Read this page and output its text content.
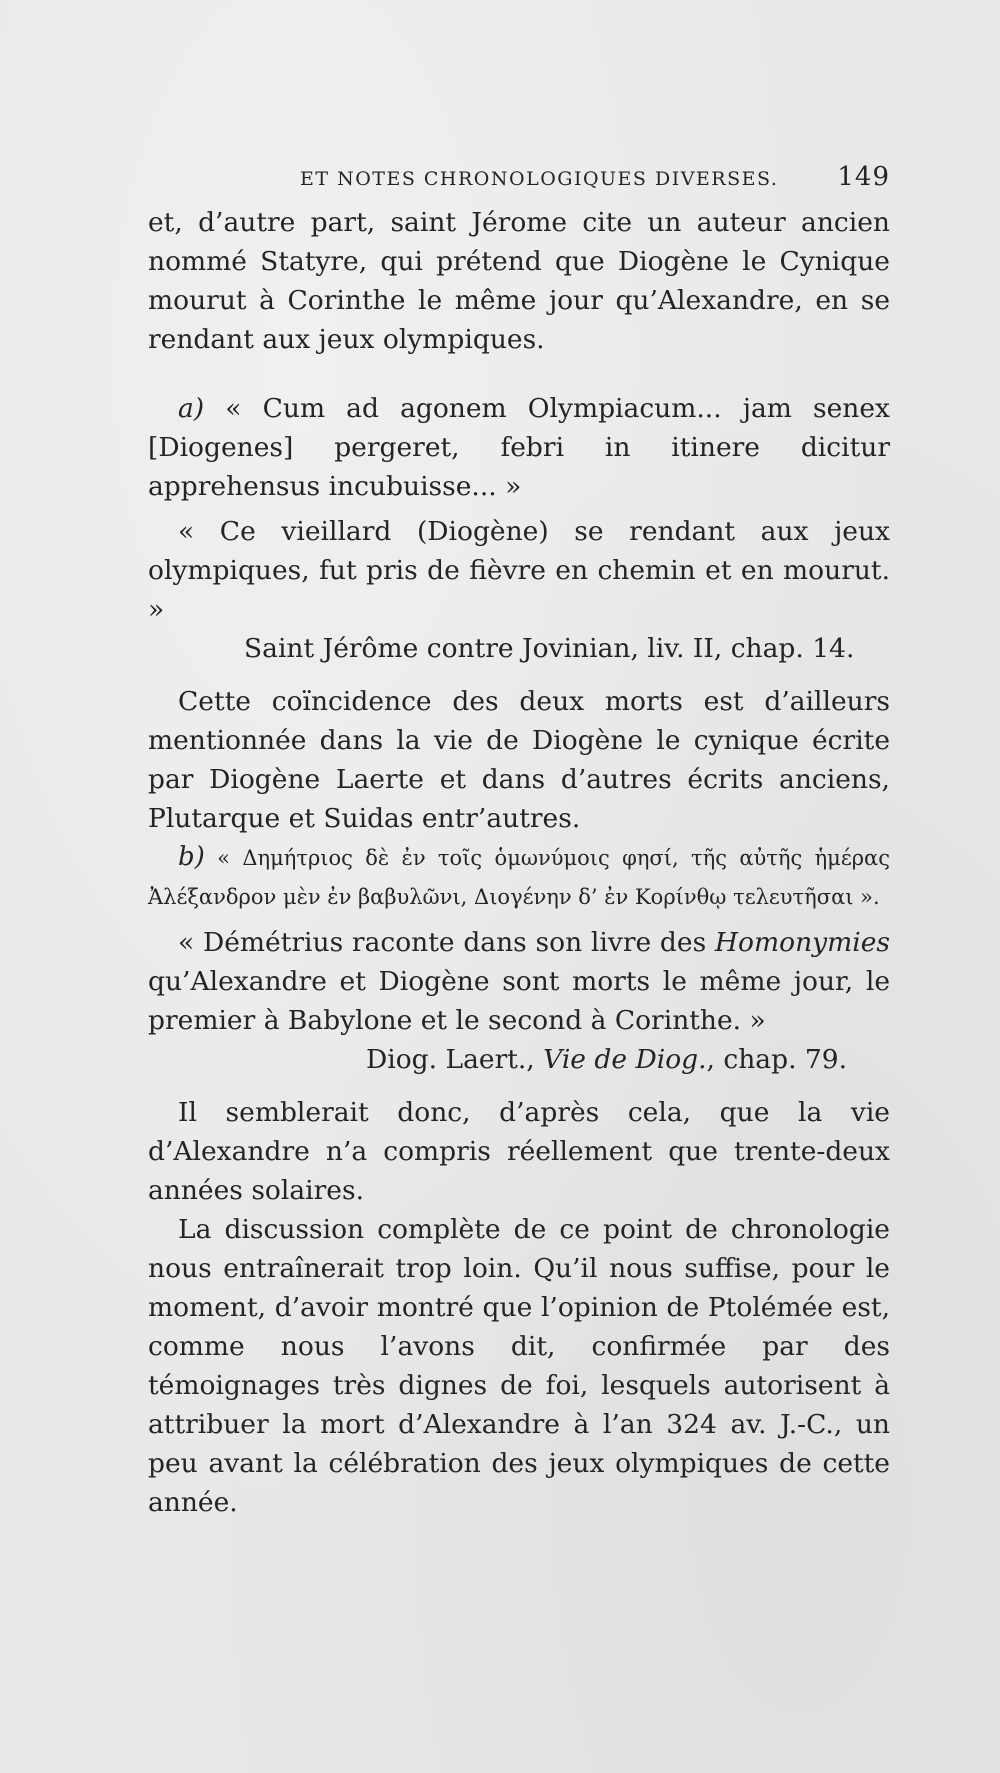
ET NOTES CHRONOLOGIQUES DIVERSES. 149

et, d’autre part, saint Jérome cite un auteur ancien nommé Statyre, qui prétend que Diogène le Cynique mourut à Corinthe le même jour qu’Alexandre, en se rendant aux jeux olympiques.

a) « Cum ad agonem Olympiacum... jam senex [Diogenes] pergeret, febri in itinere dicitur apprehensus incubuisse... »

« Ce vieillard (Diogène) se rendant aux jeux olympiques, fut pris de fièvre en chemin et en mourut. »

Saint Jérôme contre Jovinian, liv. II, chap. 14.

Cette coïncidence des deux morts est d’ailleurs mentionnée dans la vie de Diogène le cynique écrite par Diogène Laerte et dans d’autres écrits anciens, Plutarque et Suidas entr’autres.

b) « Δημήτριος δὲ ἐν τοῖς ὁμωνύμοις φησί, τῆς αὐτῆς ἡμέρας Ἀλέξανδρον μὲν ἐν βαβυλῶνι, Διογένην δ’ ἐν Κορίνθῳ τελευτῆσαι ».

« Démétrius raconte dans son livre des Homonymies qu’Alexandre et Diogène sont morts le même jour, le premier à Babylone et le second à Corinthe. »

Diog. Laert., Vie de Diog., chap. 79.

Il semblerait donc, d’après cela, que la vie d’Alexandre n’a compris réellement que trente-deux années solaires.

La discussion complète de ce point de chronologie nous entraînerait trop loin. Qu’il nous suffise, pour le moment, d’avoir montré que l’opinion de Ptolémée est, comme nous l’avons dit, confirmée par des témoignages très dignes de foi, lesquels autorisent à attribuer la mort d’Alexandre à l’an 324 av. J.-C., un peu avant la célébration des jeux olympiques de cette année.
